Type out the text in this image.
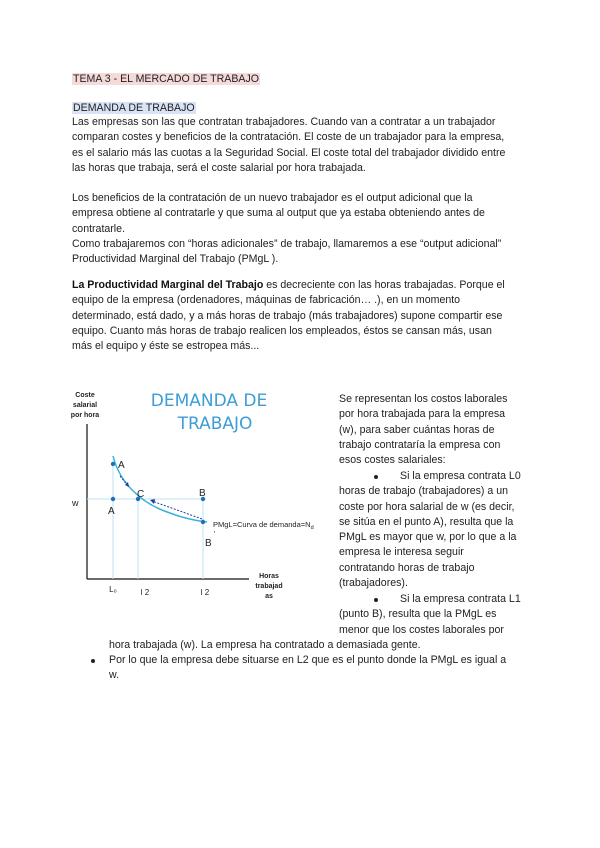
TEMA 3 - EL MERCADO DE TRABAJO

DEMANDA DE TRABAJO

Las empresas son las que contratan trabajadores. Cuando van a contratar a un trabajador
comparan costes y beneficios de la contratación. El coste de un trabajador para la empresa,
es el salario más las cuotas a la Seguridad Social. El coste total del trabajador dividido entre
las horas que trabaja, será el coste salarial por hora trabajada.
Los beneficios de la contratación de un nuevo trabajador es el output adicional que la
empresa obtiene al contratarle y que suma al output que ya estaba obteniendo antes de
contratarle.
Como trabajaremos con “horas adicionales” de trabajo, llamaremos a ese “output adicional”
Productividad Marginal del Trabajo (PMgL ).
La Productividad Marginal del Trabajo es decreciente con las horas trabajadas. Porque el
equipo de la empresa (ordenadores, máquinas de fabricación… .), en un momento
determinado, está dado, y a más horas de trabajo (más trabajadores) supone compartir ese
equipo. Cuanto más horas de trabajo realicen los empleados, éstos se cansan más, usan
más el equipo y éste se estropea más...
DEMANDA DE
TRABAJO
Coste
salarial
por hora
Horas
trabajad
as
w
A
A
C	B
B
'
PMgL=Curva de $demanda=N_d$
L₀	l 2	l 2
Se representan los costos laborales
por hora trabajada para la empresa
(w), para saber cuántas horas de
trabajo contrataría la empresa con
esos costes salariales:
Si la empresa contrata L0
horas de trabajo (trabajadores) a un
coste por hora salarial de w (es decir,
se sitúa en el punto A), resulta que la
PMgL es mayor que w, por lo que a la
empresa le interesa seguir
contratando horas de trabajo
(trabajadores).
Si la empresa contrata L1
(punto B), resulta que la PMgL es
menor que los costes laborales por
hora trabajada (w). La empresa ha contratado a demasiada gente.
Por lo que la empresa debe situarse en L2 que es el punto donde la PMgL es igual a
w.
